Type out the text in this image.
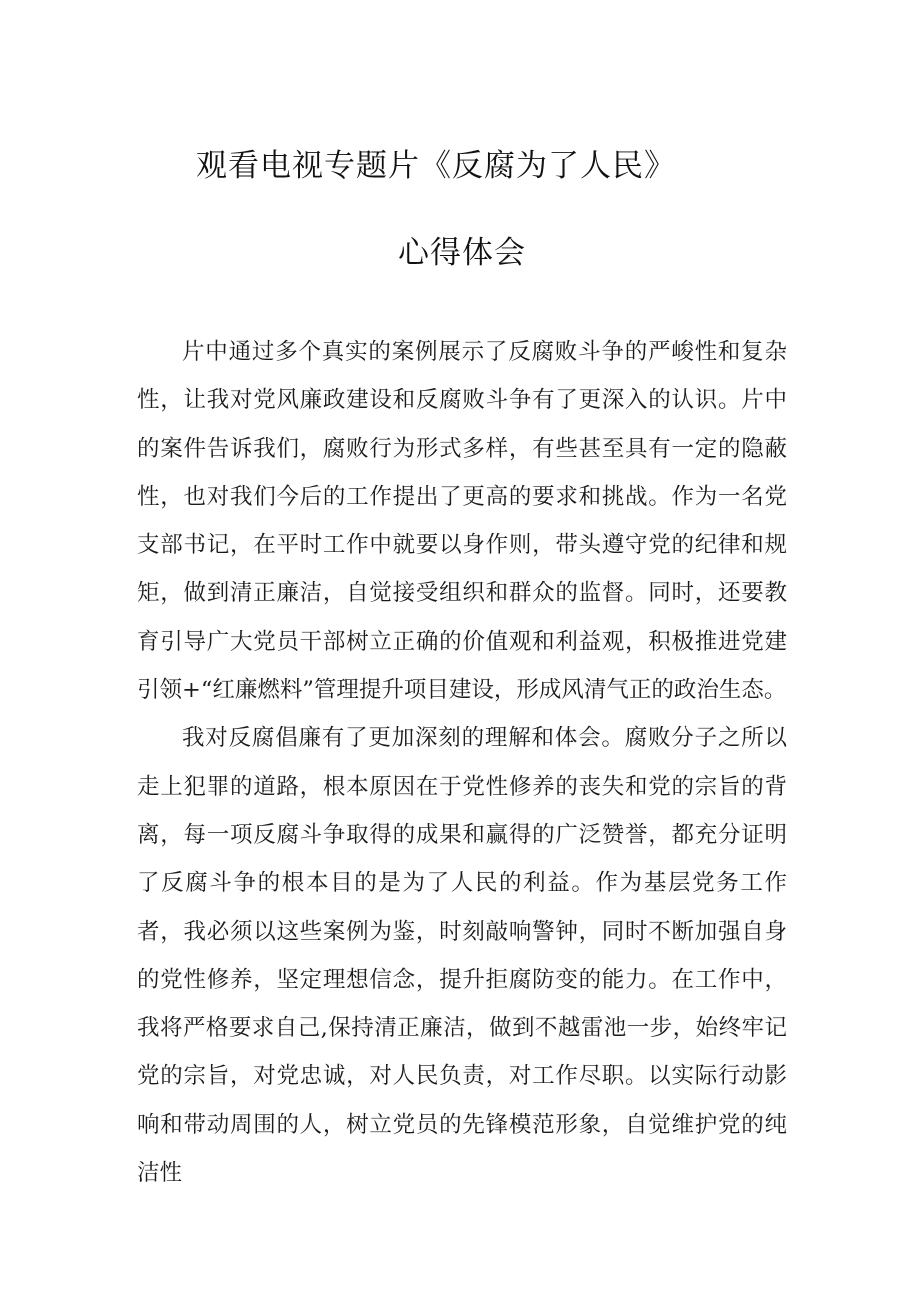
观看电视专题片《反腐为了人民》
心得体会

片中通过多个真实的案例展示了反腐败斗争的严峻性和复杂性，让我对党风廉政建设和反腐败斗争有了更深入的认识。片中的案件告诉我们，腐败行为形式多样，有些甚至具有一定的隐蔽性，也对我们今后的工作提出了更高的要求和挑战。作为一名党支部书记，在平时工作中就要以身作则，带头遵守党的纪律和规矩，做到清正廉洁，自觉接受组织和群众的监督。同时，还要教育引导广大党员干部树立正确的价值观和利益观，积极推进党建引领+“红廉燃料”管理提升项目建设，形成风清气正的政治生态。

我对反腐倡廉有了更加深刻的理解和体会。腐败分子之所以走上犯罪的道路，根本原因在于党性修养的丧失和党的宗旨的背离，每一项反腐斗争取得的成果和赢得的广泛赞誉，都充分证明了反腐斗争的根本目的是为了人民的利益。作为基层党务工作者，我必须以这些案例为鉴，时刻敲响警钟，同时不断加强自身的党性修养，坚定理想信念，提升拒腐防变的能力。在工作中，我将严格要求自己,保持清正廉洁，做到不越雷池一步，始终牢记党的宗旨，对党忠诚，对人民负责，对工作尽职。以实际行动影响和带动周围的人，树立党员的先锋模范形象，自觉维护党的纯洁性
